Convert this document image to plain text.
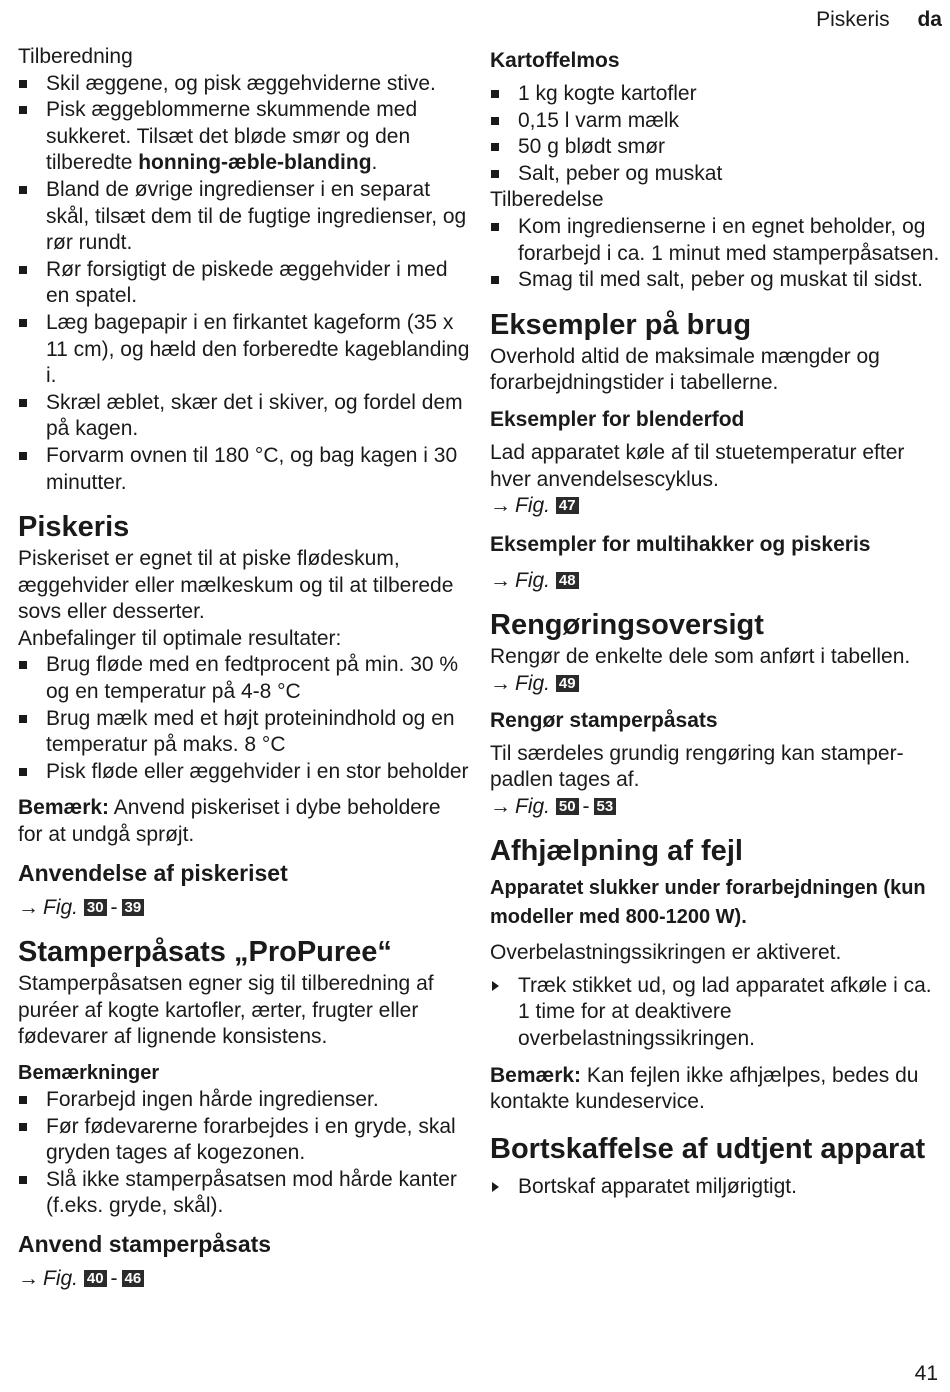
Piskeris da

Tilberedning

Skil æggene, og pisk æggehviderne stive.
Pisk æggeblommerne skummende med sukkeret. Tilsæt det bløde smør og den tilberedte honning-æble-blanding.
Bland de øvrige ingredienser i en separat skål, tilsæt dem til de fugtige ingredienser, og rør rundt.
Rør forsigtigt de piskede æggehvider i med en spatel.
Læg bagepapir i en firkantet kageform (35 x 11 cm), og hæld den forberedte kageblanding i.
Skræl æblet, skær det i skiver, og fordel dem på kagen.
Forvarm ovnen til 180 °C, og bag kagen i 30 minutter.
Piskeris

Piskeriset er egnet til at piske flødeskum, æggehvider eller mælkeskum og til at tilberede sovs eller desserter.

Anbefalinger til optimale resultater:

Brug fløde med en fedtprocent på min. 30 % og en temperatur på 4-8 °C
Brug mælk med et højt proteinindhold og en temperatur på maks. 8 °C
Pisk fløde eller æggehvider i en stor beholder

Bemærk: Anvend piskeriset i dybe beholdere for at undgå sprøjt.

Anvendelse af piskeriset

→ Fig. 30 - 39

Stamperpåsats „ProPuree“

Stamperpåsatsen egner sig til tilberedning af puréer af kogte kartofler, ærter, frugter eller fødevarer af lignende konsistens.

Bemærkninger
Forarbejd ingen hårde ingredienser.
Før fødevarerne forarbejdes i en gryde, skal gryden tages af kogezonen.
Slå ikke stamperpåsatsen mod hårde kanter (f.eks. gryde, skål).
Anvend stamperpåsats

→ Fig. 40 - 46

Kartoffelmos
1 kg kogte kartofler
0,15 l varm mælk
50 g blødt smør
Salt, peber og muskat

Tilberedelse

Kom ingredienserne i en egnet beholder, og forarbejd i ca. 1 minut med stamperpåsatsen.
Smag til med salt, peber og muskat til sidst.
Eksempler på brug

Overhold altid de maksimale mængder og forarbejdningstider i tabellerne.

Eksempler for blenderfod

Lad apparatet køle af til stuetemperatur efter hver anvendelsescyklus.

→ Fig. 47

Eksempler for multihakker og piskeris

→ Fig. 48

Rengøringsoversigt

Rengør de enkelte dele som anført i tabellen.

→ Fig. 49

Rengør stamperpåsats

Til særdeles grundig rengøring kan stamper-padlen tages af.

→ Fig. 50 - 53

Afhjælpning af fejl
Apparatet slukker under forarbejdningen (kun modeller med 800-1200 W).

Overbelastningssikringen er aktiveret.

Træk stikket ud, og lad apparatet afkøle i ca. 1 time for at deaktivere overbelastningssikringen.

Bemærk: Kan fejlen ikke afhjælpes, bedes du kontakte kundeservice.

Bortskaffelse af udtjent apparat
Bortskaf apparatet miljørigtigt.
41
